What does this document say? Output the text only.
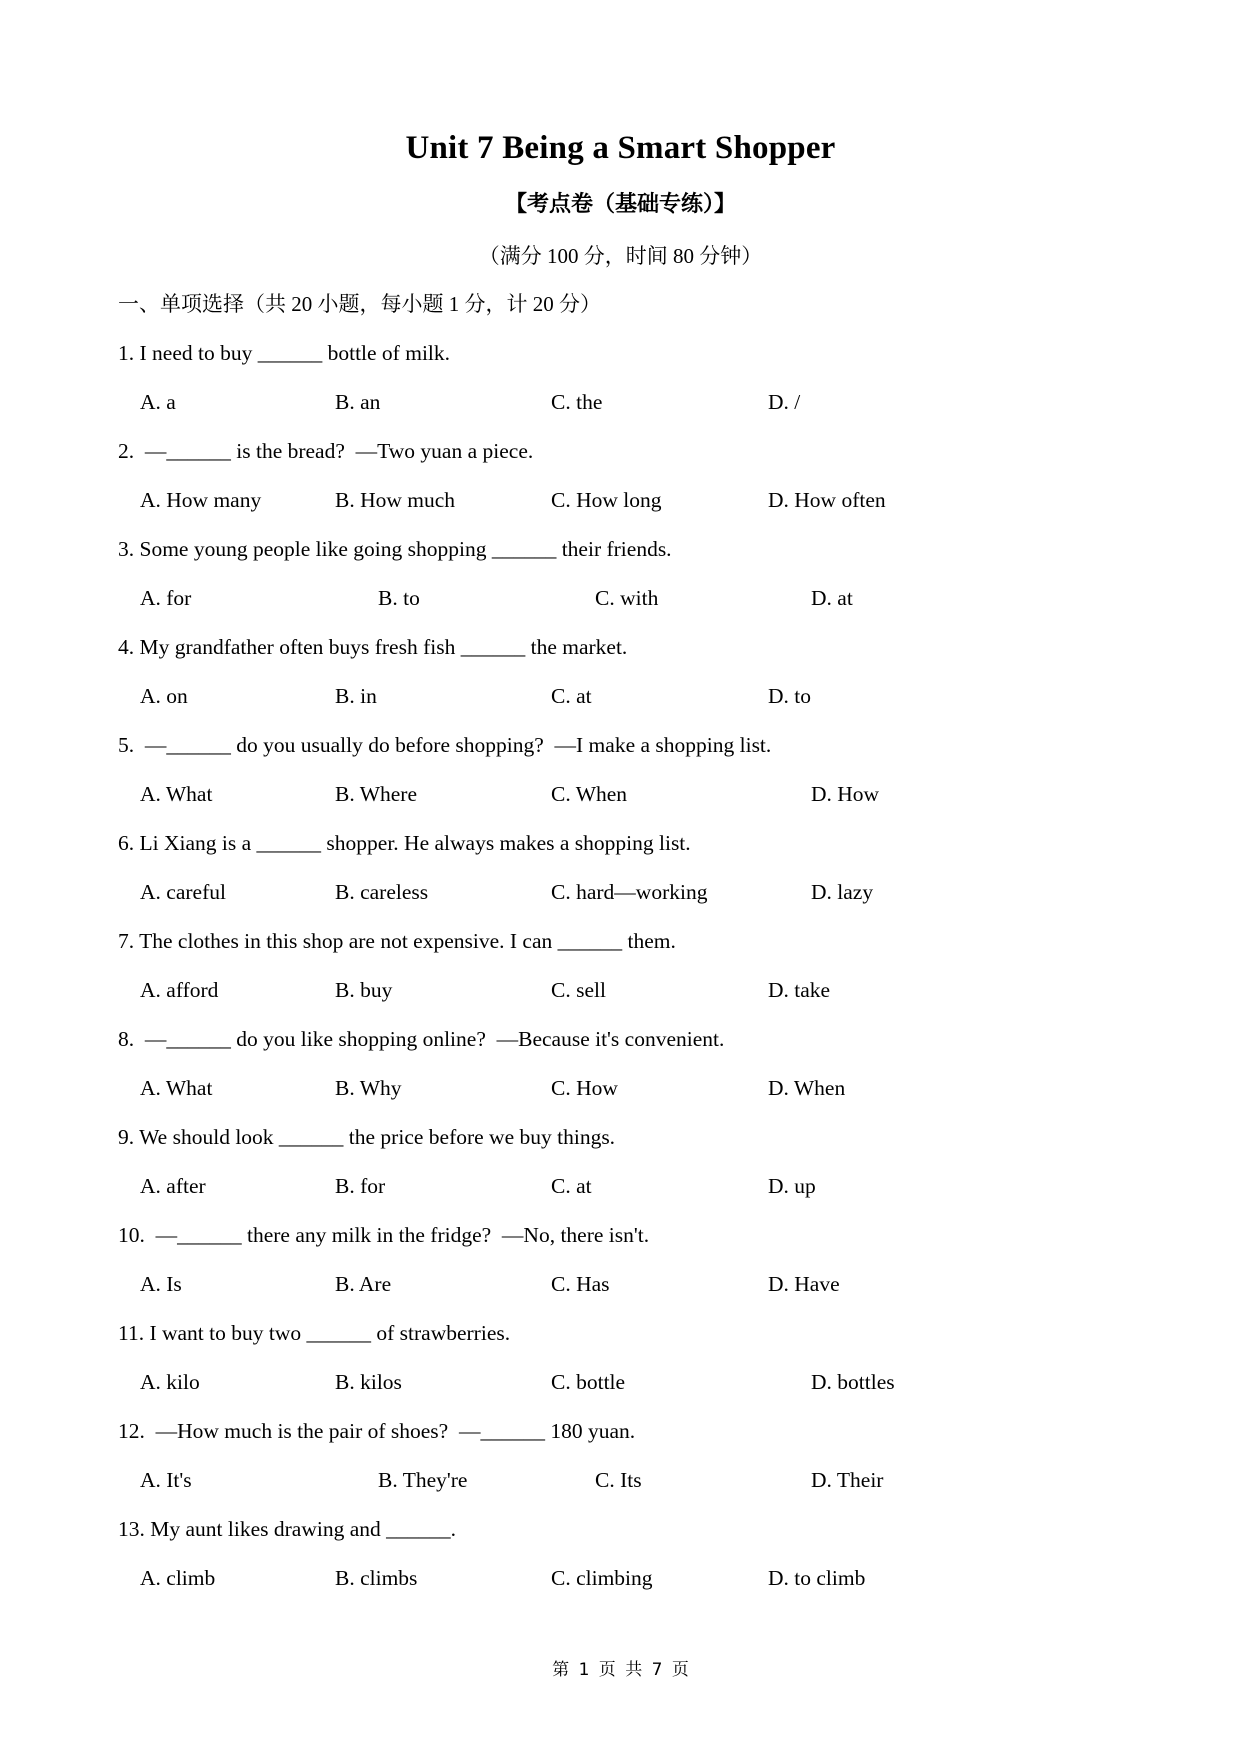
Unit 7 Being a Smart Shopper
【考点卷（基础专练）】
（满分 100 分，时间 80 分钟）
一、单项选择（共 20 小题，每小题 1 分，计 20 分）
1. I need to buy ______ bottle of milk.
A. a	B. an	C. the	D. /
2.  —______ is the bread?  —Two yuan a piece.
A. How many	B. How much	C. How long	D. How often
3. Some young people like going shopping ______ their friends.
A. for	B. to	C. with	D. at
4. My grandfather often buys fresh fish ______ the market.
A. on	B. in	C. at	D. to
5.  —______ do you usually do before shopping?  —I make a shopping list.
A. What	B. Where	C. When	D. How
6. Li Xiang is a ______ shopper. He always makes a shopping list.
A. careful	B. careless	C. hard—working	D. lazy
7. The clothes in this shop are not expensive. I can ______ them.
A. afford	B. buy	C. sell	D. take
8.  —______ do you like shopping online?  —Because it's convenient.
A. What	B. Why	C. How	D. When
9. We should look ______ the price before we buy things.
A. after	B. for	C. at	D. up
10.  —______ there any milk in the fridge?  —No, there isn't.
A. Is	B. Are	C. Has	D. Have
11. I want to buy two ______ of strawberries.
A. kilo	B. kilos	C. bottle	D. bottles
12.  —How much is the pair of shoes?  —______ 180 yuan.
A. It's	B. They're	C. Its	D. Their
13. My aunt likes drawing and ______.
A. climb	B. climbs	C. climbing	D. to climb
第 1 页 共 7 页
